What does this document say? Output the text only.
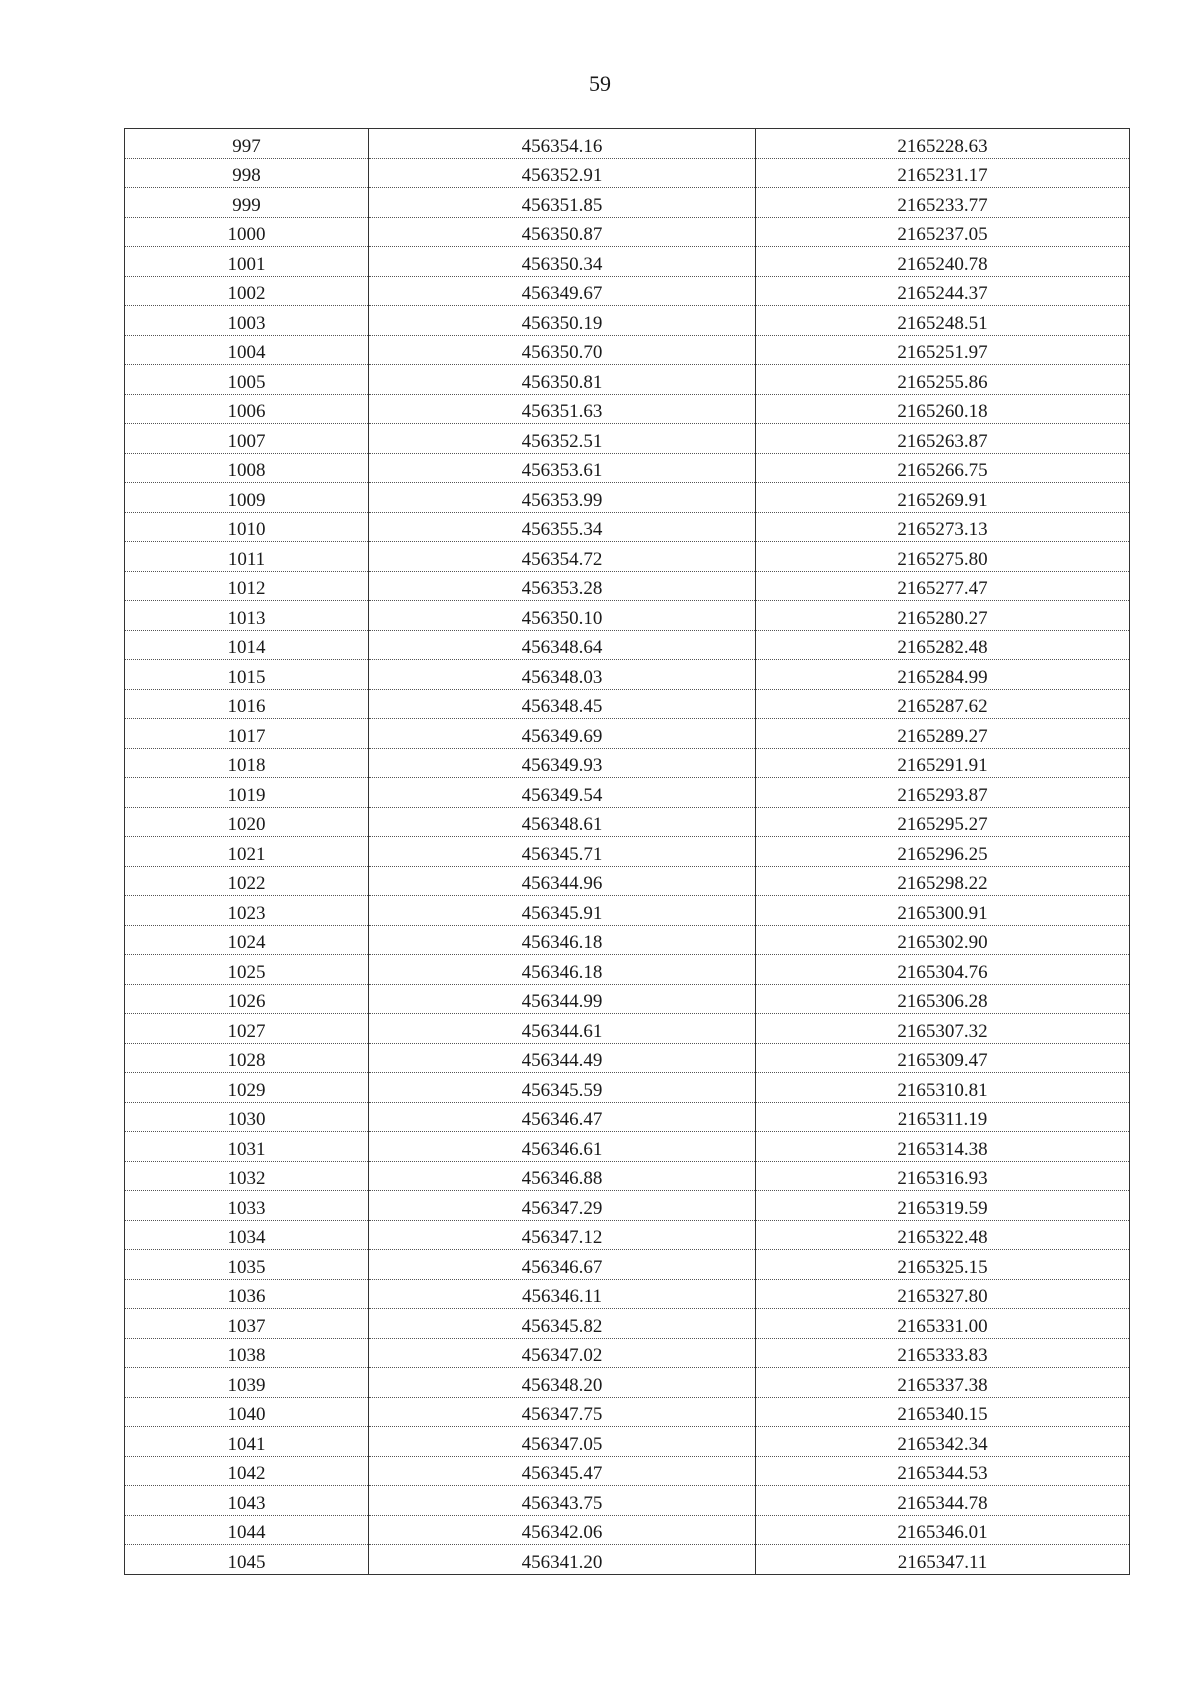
59
997	456354.16	2165228.63
998	456352.91	2165231.17
999	456351.85	2165233.77
1000	456350.87	2165237.05
1001	456350.34	2165240.78
1002	456349.67	2165244.37
1003	456350.19	2165248.51
1004	456350.70	2165251.97
1005	456350.81	2165255.86
1006	456351.63	2165260.18
1007	456352.51	2165263.87
1008	456353.61	2165266.75
1009	456353.99	2165269.91
1010	456355.34	2165273.13
1011	456354.72	2165275.80
1012	456353.28	2165277.47
1013	456350.10	2165280.27
1014	456348.64	2165282.48
1015	456348.03	2165284.99
1016	456348.45	2165287.62
1017	456349.69	2165289.27
1018	456349.93	2165291.91
1019	456349.54	2165293.87
1020	456348.61	2165295.27
1021	456345.71	2165296.25
1022	456344.96	2165298.22
1023	456345.91	2165300.91
1024	456346.18	2165302.90
1025	456346.18	2165304.76
1026	456344.99	2165306.28
1027	456344.61	2165307.32
1028	456344.49	2165309.47
1029	456345.59	2165310.81
1030	456346.47	2165311.19
1031	456346.61	2165314.38
1032	456346.88	2165316.93
1033	456347.29	2165319.59
1034	456347.12	2165322.48
1035	456346.67	2165325.15
1036	456346.11	2165327.80
1037	456345.82	2165331.00
1038	456347.02	2165333.83
1039	456348.20	2165337.38
1040	456347.75	2165340.15
1041	456347.05	2165342.34
1042	456345.47	2165344.53
1043	456343.75	2165344.78
1044	456342.06	2165346.01
1045	456341.20	2165347.11
